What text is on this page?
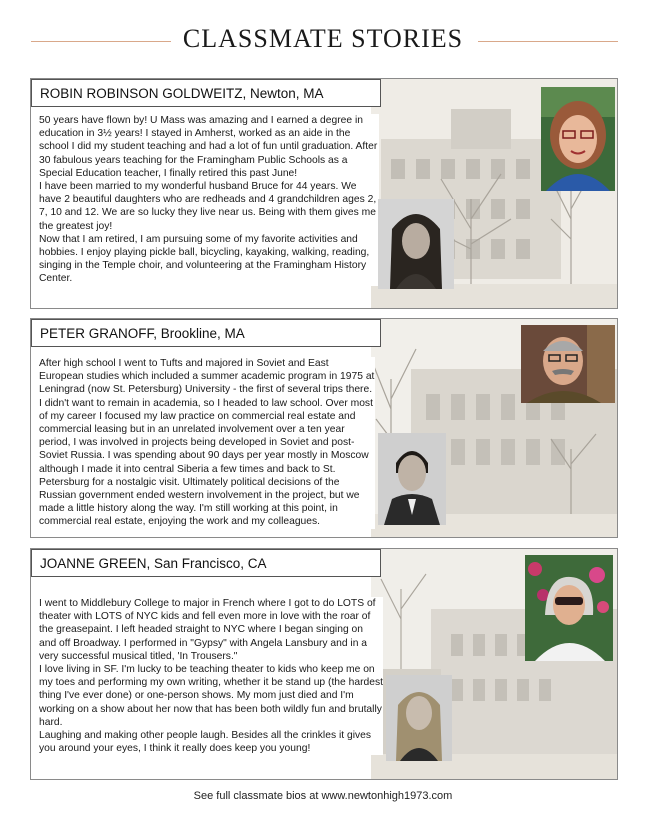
CLASSMATE STORIES
ROBIN ROBINSON GOLDWEITZ, Newton, MA

50 years have flown by! U Mass was amazing and I earned a degree in education in 3½ years! I stayed in Amherst, worked as an aide in the school I did my student teaching and had a lot of fun until graduation. After 30 fabulous years teaching for the Framingham Public Schools as a Special Education teacher, I finally retired this past June!

I have been married to my wonderful husband Bruce for 44 years. We have 2 beautiful daughters who are redheads and 4 grandchildren ages 2, 7, 10 and 12. We are so lucky they live near us. Being with them gives me the greatest joy!

Now that I am retired, I am pursuing some of my favorite activities and hobbies. I enjoy playing pickle ball, bicycling, kayaking, walking, reading, singing in the Temple choir, and volunteering at the Framingham History Center.

PETER GRANOFF, Brookline, MA

After high school I went to Tufts and majored in Soviet and East European studies which included a summer academic program in 1975 at Leningrad (now St. Petersburg) University - the first of several trips there. I didn't want to remain in academia, so I headed to law school. Over most of my career I focused my law practice on commercial real estate and commercial leasing but in an unrelated involvement over a ten year period, I was involved in projects being developed in Soviet and post-Soviet Russia. I was spending about 90 days per year mostly in Moscow although I made it into central Siberia a few times and back to St. Petersburg for a nostalgic visit. Ultimately political decisions of the Russian government ended western involvement in the project, but we made a little history along the way. I'm still working at this point, in commercial real estate, enjoying the work and my colleagues.

JOANNE GREEN, San Francisco, CA

I went to Middlebury College to major in French where I got to do LOTS of theater with LOTS of NYC kids and fell even more in love with the roar of the greasepaint. I left headed straight to NYC where I began singing on and off Broadway. I performed in "Gypsy" with Angela Lansbury and in a very successful musical titled, 'In Trousers."

I love living in SF. I'm lucky to be teaching theater to kids who keep me on my toes and performing my own writing, whether it be stand up (the hardest thing I've ever done) or one-person shows. My mom just died and I'm working on a show about her now that has been both wildly fun and brutally hard.

Laughing and making other people laugh. Besides all the crinkles it gives you around your eyes, I think it really does keep you young!

See full classmate bios at www.newtonhigh1973.com
